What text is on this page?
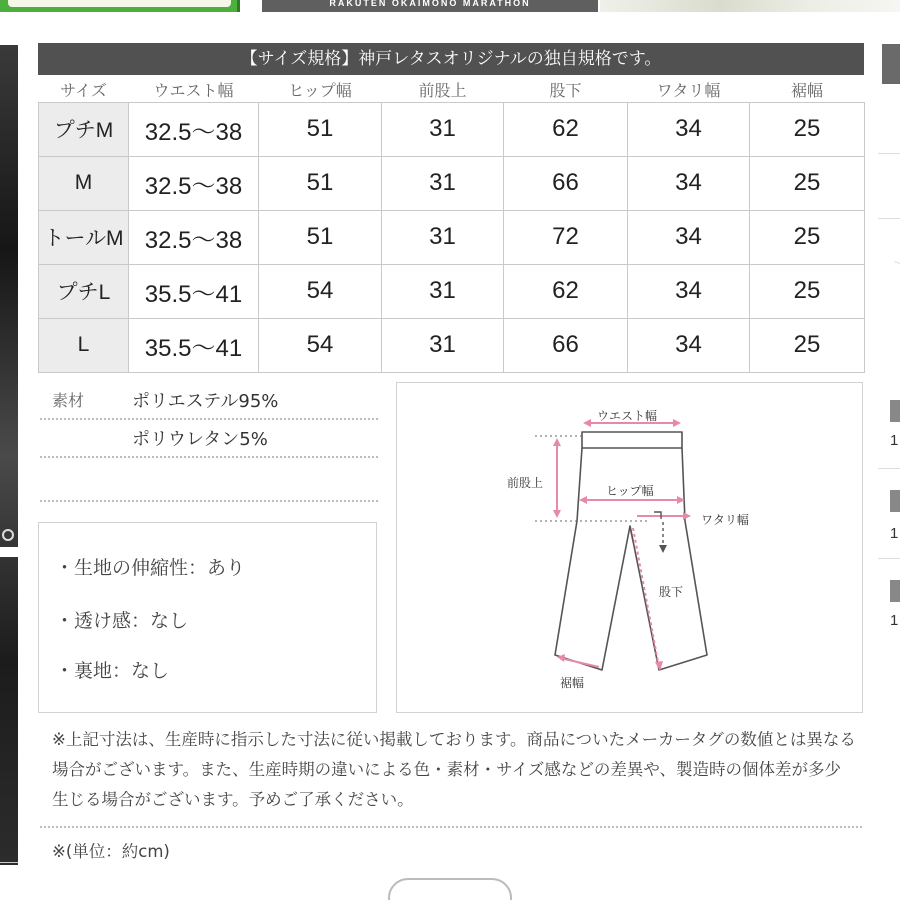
RAKUTEN OKAIMONO MARATHON
1
1
1
【サイズ規格】神戸レタスオリジナルの独自規格です。
サイズ	ウエスト幅	ヒップ幅	前股上	股下	ワタリ幅	裾幅
プチM	32.5～38	51	31	62	34	25
M	32.5～38	51	31	66	34	25
トールM	32.5～38	51	31	72	34	25
プチL	35.5～41	54	31	62	34	25
L	35.5～41	54	31	66	34	25
素材	ポリエステル95%
ポリウレタン5%
・生地の伸縮性：あり
・透け感：なし
・裏地：なし
ウエスト幅
前股上
ヒップ幅
ワタリ幅
股下
裾幅
※上記寸法は、生産時に指示した寸法に従い掲載しております。商品についたメーカータグの数値とは異なる場合がございます。また、生産時期の違いによる色・素材・サイズ感などの差異や、製造時の個体差が多少生じる場合がございます。予めご了承ください。
※(単位：約cm)
